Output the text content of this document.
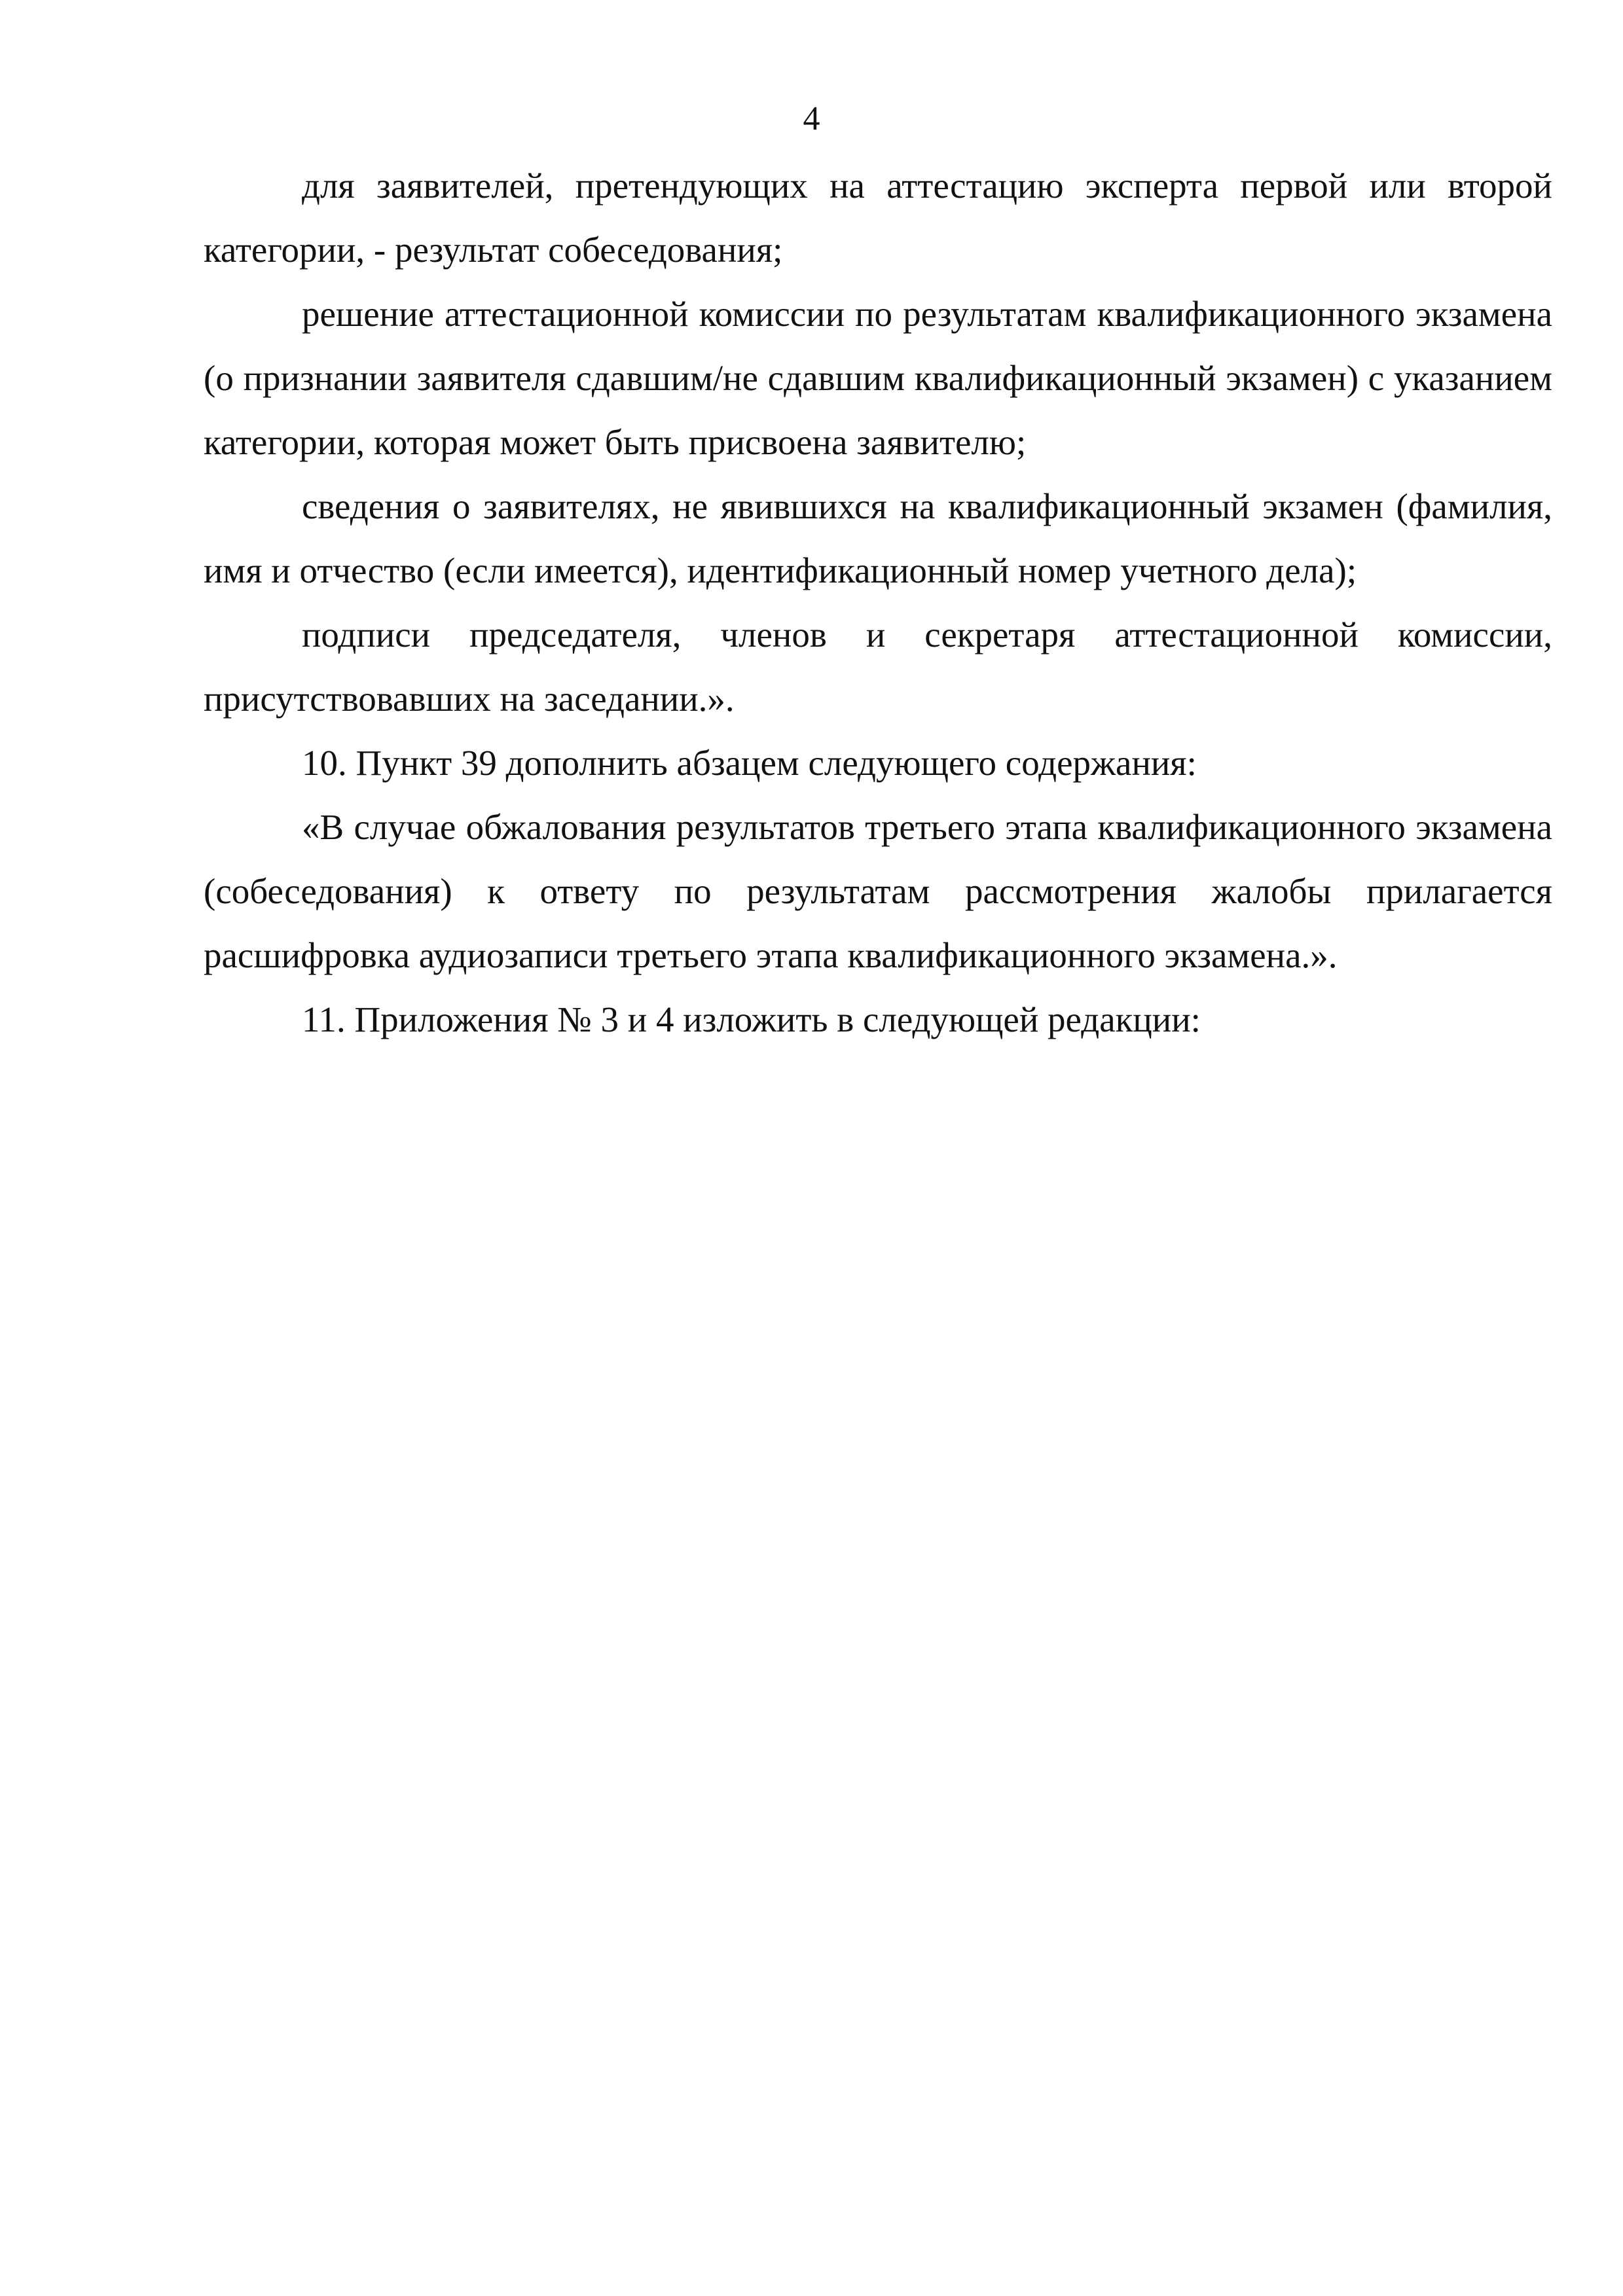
4

для заявителей, претендующих на аттестацию эксперта первой или второй категории, - результат собеседования;

решение аттестационной комиссии по результатам квалификационного экзамена (о признании заявителя сдавшим/не сдавшим квалификационный экзамен) с указанием категории, которая может быть присвоена заявителю;

сведения о заявителях, не явившихся на квалификационный экзамен (фамилия, имя и отчество (если имеется), идентификационный номер учетного дела);

подписи председателя, членов и секретаря аттестационной комиссии, присутствовавших на заседании.».

10. Пункт 39 дополнить абзацем следующего содержания:

«В случае обжалования результатов третьего этапа квалификационного экзамена (собеседования) к ответу по результатам рассмотрения жалобы прилагается расшифровка аудиозаписи третьего этапа квалификационного экзамена.».

11. Приложения № 3 и 4 изложить в следующей редакции:
